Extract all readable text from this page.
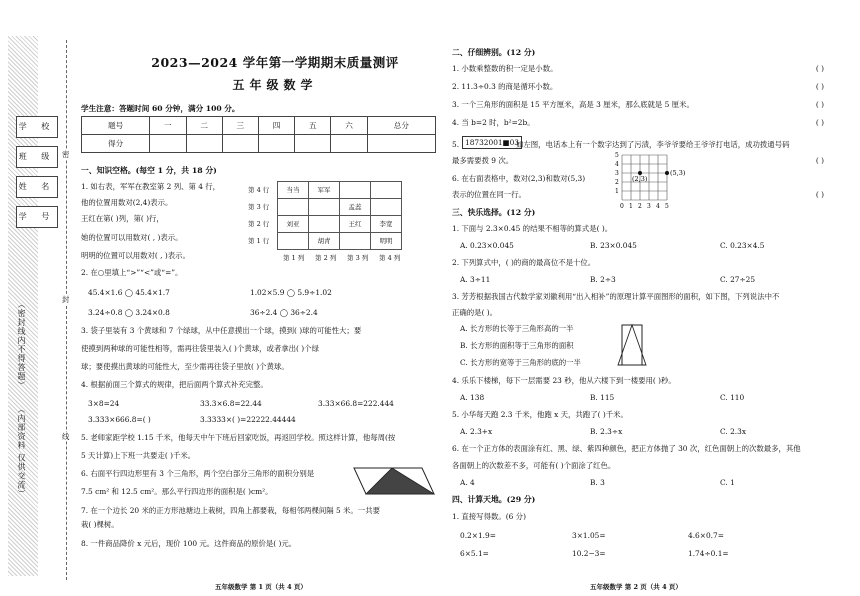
学 校
班 级
姓 名
学 号
（密封线内不得答题）
（内部资料 仅供交流）
密
封
线
2023—2024 学年第一学期期末质量测评
五年级数学
学生注意：答题时间 60 分钟，满分 100 分。
题号	一	二	三	四	五	六	总分
得分							
一、知识空格。(每空 1 分，共 18 分)
1. 如右表，军军在教室第 2 列、第 4 行，
他的位置用数对(2,4)表示。
王红在第( )列，第( )行，
她的位置可以用数对( , )表示。
明明的位置可以用数对( , )表示。
第 4 行
第 3 行
第 2 行
第 1 行
当当	军军		
		孟蕊	
刘亚		王红	李宽
	胡青		明明
第 1 列 第 2 列 第 3 列 第 4 列
2. 在○里填上“>”“<”或“=”。
45.4×1.6 ◯ 45.4×1.7	1.02×5.9 ◯ 5.9÷1.02
3.24÷0.8 ◯ 3.24×0.8	36÷2.4 ◯ 36÷2.4
3. 袋子里装有 3 个黄球和 7 个绿球，从中任意摸出一个球，摸到( )球的可能性大；要
使摸到两种球的可能性相等，需再往袋里装入( )个黄球，或者拿出( )个绿
球；要使摸出黄球的可能性大，至少需再往袋子里放( )个黄球。
4. 根据前面三个算式的规律，把后面两个算式补充完整。
3×8=24	33.3×6.8=22.44	3.33×66.8=222.444
3.333×666.8=( )	3.3333×( )=22222.44444
5. 老师家距学校 1.15 千米，他每天中午下班后回家吃饭，再返回学校。照这样计算，他每周(按
5 天计算)上下班一共要走( )千米。
6. 右面平行四边形里有 3 个三角形，两个空白部分三角形的面积分别是
7.5 cm² 和 12.5 cm²。那么平行四边形的面积是( )cm²。
7. 在一个边长 20 米的正方形池塘边上栽树，四角上都要栽，每相邻两棵间隔 5 米。一共要
栽( )棵树。
8. 一件商品降价 x 元后，现价 100 元。这件商品的原价是( )元。
五年级数学 第 1 页（共 4 页）
二、仔细辨别。(12 分)
1. 小数乘整数的积一定是小数。	( )
2. 11.3÷0.3 的商是循环小数。	( )
3. 一个三角形的面积是 15 平方厘米，高是 3 厘米，那么底就是 5 厘米。	( )
4. 当 b=2 时，b²=2b。	( )
5. 18732001■03
如左图，电话本上有一个数字达到了污渍，李爷爷要给王爷爷打电话，成功拨通号码
最多需要拨 9 次。	( )
6. 在右面表格中，数对(2,3)和数对(5,3)
表示的位置在同一行。	( )
(2,3)
(5,3)
0 1 2 3 4 5
1
2
3
4
5
三、快乐选择。(12 分)
1. 下面与 2.3×0.45 的结果不相等的算式是( )。
A. 0.23×0.045	B. 23×0.045	C. 0.23×4.5
2. 下列算式中，( )的商的最高位不是十位。
A. 3÷11	B. 2÷3	C. 27÷25
3. 芳芳根据我国古代数学家刘徽利用“出入相补”的原理计算平面图形的面积，如下图，下列说法中不
正确的是( )。
A. 长方形的长等于三角形高的一半
B. 长方形的面积等于三角形的面积
C. 长方形的宽等于三角形的底的一半
4. 乐乐下楼梯，每下一层需要 23 秒，他从六楼下到一楼要用( )秒。
A. 138	B. 115	C. 110
5. 小华每天跑 2.3 千米，他跑 x 天，共跑了( )千米。
A. 2.3+x	B. 2.3÷x	C. 2.3x
6. 在一个正方体的表面涂有红、黑、绿、紫四种颜色，把正方体抛了 30 次，红色面朝上的次数最多，其他
各面朝上的次数差不多，可能有( )个面涂了红色。
A. 4	B. 3	C. 1
四、计算天地。(29 分)
1. 直接写得数。(6 分)
0.2×1.9=	3×1.05=	4.6×0.7=
6×5.1=	10.2−3=	1.74÷0.1=
五年级数学 第 2 页（共 4 页）
